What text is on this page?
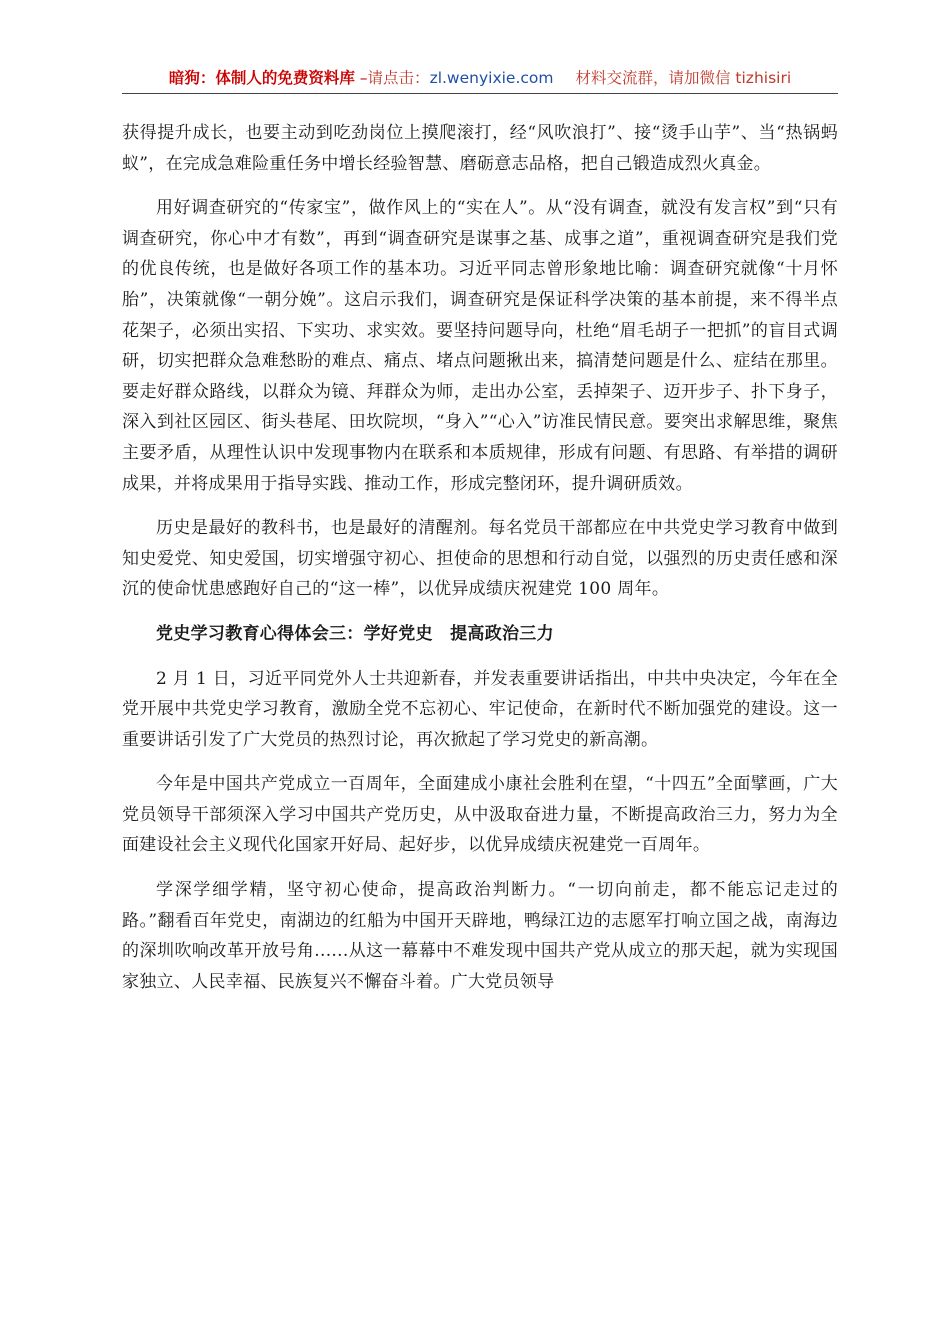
暗狗：体制人的免费资料库 –请点击：zl.wenyixie.com 材料交流群，请加微信 tizhisiri

获得提升成长，也要主动到吃劲岗位上摸爬滚打，经“风吹浪打”、接“烫手山芋”、当“热锅蚂蚁”，在完成急难险重任务中增长经验智慧、磨砺意志品格，把自己锻造成烈火真金。

用好调查研究的“传家宝”，做作风上的“实在人”。从“没有调查，就没有发言权”到“只有调查研究，你心中才有数”，再到“调查研究是谋事之基、成事之道”，重视调查研究是我们党的优良传统，也是做好各项工作的基本功。习近平同志曾形象地比喻：调查研究就像“十月怀胎”，决策就像“一朝分娩”。这启示我们，调查研究是保证科学决策的基本前提，来不得半点花架子，必须出实招、下实功、求实效。要坚持问题导向，杜绝“眉毛胡子一把抓”的盲目式调研，切实把群众急难愁盼的难点、痛点、堵点问题揪出来，搞清楚问题是什么、症结在那里。要走好群众路线，以群众为镜、拜群众为师，走出办公室，丢掉架子、迈开步子、扑下身子，深入到社区园区、街头巷尾、田坎院坝，“身入”“心入”访准民情民意。要突出求解思维，聚焦主要矛盾，从理性认识中发现事物内在联系和本质规律，形成有问题、有思路、有举措的调研成果，并将成果用于指导实践、推动工作，形成完整闭环，提升调研质效。

历史是最好的教科书，也是最好的清醒剂。每名党员干部都应在中共党史学习教育中做到知史爱党、知史爱国，切实增强守初心、担使命的思想和行动自觉，以强烈的历史责任感和深沉的使命忧患感跑好自己的“这一棒”，以优异成绩庆祝建党 100 周年。

党史学习教育心得体会三：学好党史　提高政治三力

2 月 1 日，习近平同党外人士共迎新春，并发表重要讲话指出，中共中央决定，今年在全党开展中共党史学习教育，激励全党不忘初心、牢记使命，在新时代不断加强党的建设。这一重要讲话引发了广大党员的热烈讨论，再次掀起了学习党史的新高潮。

今年是中国共产党成立一百周年，全面建成小康社会胜利在望，“十四五”全面擘画，广大党员领导干部须深入学习中国共产党历史，从中汲取奋进力量，不断提高政治三力，努力为全面建设社会主义现代化国家开好局、起好步，以优异成绩庆祝建党一百周年。

学深学细学精，坚守初心使命，提高政治判断力。“一切向前走，都不能忘记走过的路。”翻看百年党史，南湖边的红船为中国开天辟地，鸭绿江边的志愿军打响立国之战，南海边的深圳吹响改革开放号角......从这一幕幕中不难发现中国共产党从成立的那天起，就为实现国家独立、人民幸福、民族复兴不懈奋斗着。广大党员领导
